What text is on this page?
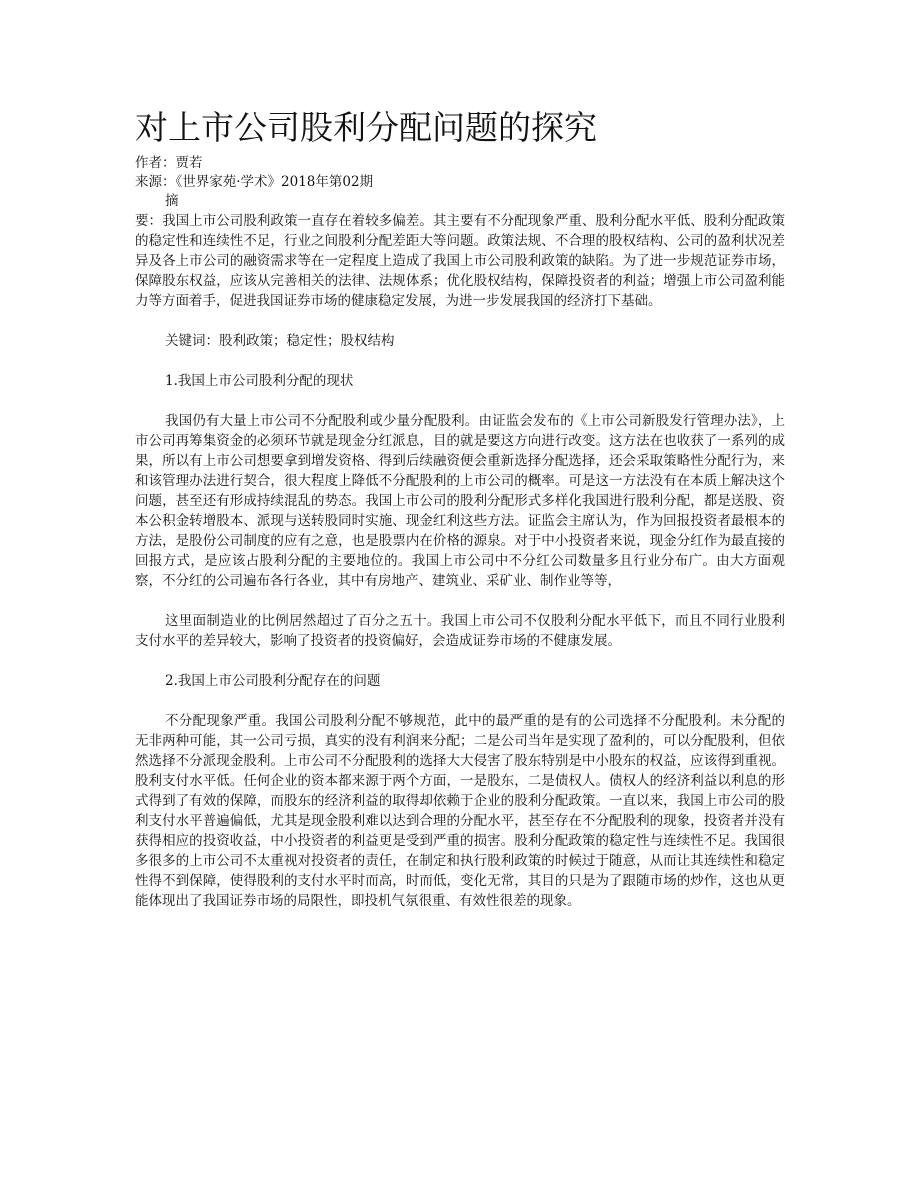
对上市公司股利分配问题的探究

作者：贾若

来源：《世界家苑·学术》2018年第02期

摘

要：我国上市公司股利政策一直存在着较多偏差。其主要有不分配现象严重、股利分配水平低、股利分配政策的稳定性和连续性不足，行业之间股利分配差距大等问题。政策法规、不合理的股权结构、公司的盈利状况差异及各上市公司的融资需求等在一定程度上造成了我国上市公司股利政策的缺陷。为了进一步规范证券市场，保障股东权益，应该从完善相关的法律、法规体系；优化股权结构，保障投资者的利益；增强上市公司盈利能力等方面着手，促进我国证券市场的健康稳定发展，为进一步发展我国的经济打下基础。

关键词：股利政策；稳定性；股权结构

1.我国上市公司股利分配的现状

我国仍有大量上市公司不分配股利或少量分配股利。由证监会发布的《上市公司新股发行管理办法》，上市公司再筹集资金的必须环节就是现金分红派息，目的就是要这方向进行改变。这方法在也收获了一系列的成果，所以有上市公司想要拿到增发资格、得到后续融资便会重新选择分配选择，还会采取策略性分配行为，来和该管理办法进行契合，很大程度上降低不分配股利的上市公司的概率。可是这一方法没有在本质上解决这个问题，甚至还有形成持续混乱的势态。我国上市公司的股利分配形式多样化我国进行股利分配，都是送股、资本公积金转增股本、派现与送转股同时实施、现金红利这些方法。证监会主席认为，作为回报投资者最根本的方法，是股份公司制度的应有之意，也是股票内在价格的源泉。对于中小投资者来说，现金分红作为最直接的回报方式，是应该占股利分配的主要地位的。我国上市公司中不分红公司数量多且行业分布广。由大方面观察，不分红的公司遍布各行各业，其中有房地产、建筑业、采矿业、制作业等等，

这里面制造业的比例居然超过了百分之五十。我国上市公司不仅股利分配水平低下，而且不同行业股利支付水平的差异较大，影响了投资者的投资偏好，会造成证券市场的不健康发展。

2.我国上市公司股利分配存在的问题

不分配现象严重。我国公司股利分配不够规范，此中的最严重的是有的公司选择不分配股利。未分配的无非两种可能，其一公司亏损，真实的没有利润来分配；二是公司当年是实现了盈利的，可以分配股利，但依然选择不分派现金股利。上市公司不分配股利的选择大大侵害了股东特别是中小股东的权益，应该得到重视。股利支付水平低。任何企业的资本都来源于两个方面，一是股东，二是债权人。债权人的经济利益以利息的形式得到了有效的保障，而股东的经济利益的取得却依赖于企业的股利分配政策。一直以来，我国上市公司的股利支付水平普遍偏低，尤其是现金股利难以达到合理的分配水平，甚至存在不分配股利的现象，投资者并没有获得相应的投资收益，中小投资者的利益更是受到严重的损害。股利分配政策的稳定性与连续性不足。我国很多很多的上市公司不太重视对投资者的责任，在制定和执行股利政策的时候过于随意，从而让其连续性和稳定性得不到保障，使得股利的支付水平时而高，时而低，变化无常，其目的只是为了跟随市场的炒作，这也从更能体现出了我国证券市场的局限性，即投机气氛很重、有效性很差的现象。
